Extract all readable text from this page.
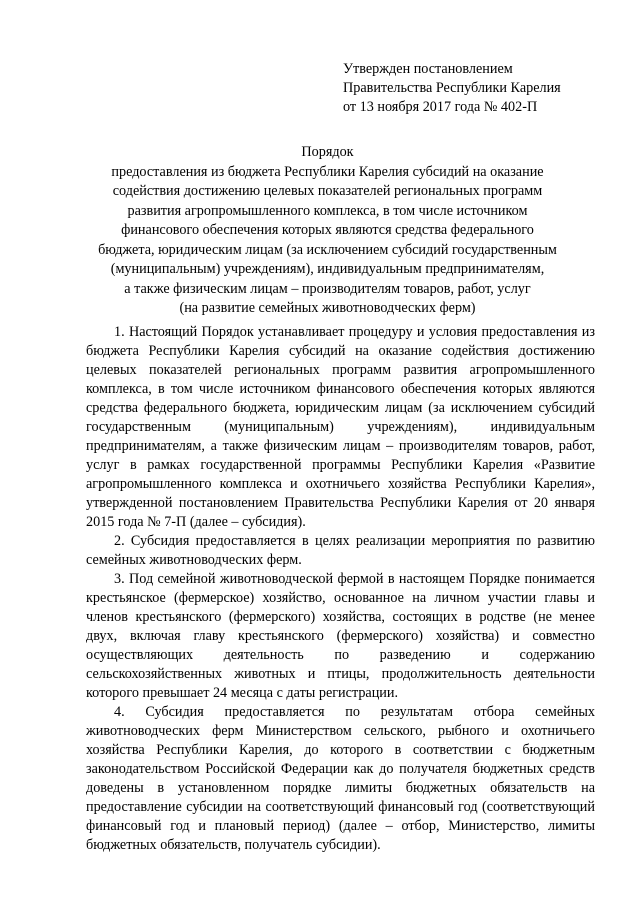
Утвержден постановлением
Правительства Республики Карелия
от 13 ноября 2017 года № 402-П
Порядок
предоставления из бюджета Республики Карелия субсидий на оказание
содействия достижению целевых показателей региональных программ
развития агропромышленного комплекса, в том числе источником
финансового обеспечения которых являются средства федерального
бюджета, юридическим лицам (за исключением субсидий государственным
(муниципальным) учреждениям), индивидуальным предпринимателям,
а также физическим лицам – производителям товаров, работ, услуг
(на развитие семейных животноводческих ферм)

1. Настоящий Порядок устанавливает процедуру и условия предоставления из бюджета Республики Карелия субсидий на оказание содействия достижению целевых показателей региональных программ развития агропромышленного комплекса, в том числе источником финансового обеспечения которых являются средства федерального бюджета, юридическим лицам (за исключением субсидий государственным (муниципальным) учреждениям), индивидуальным предпринимателям, а также физическим лицам – производителям товаров, работ, услуг в рамках государственной программы Республики Карелия «Развитие агропромышленного комплекса и охотничьего хозяйства Республики Карелия», утвержденной постановлением Правительства Республики Карелия от 20 января 2015 года № 7-П (далее – субсидия).

2. Субсидия предоставляется в целях реализации мероприятия по развитию семейных животноводческих ферм.

3. Под семейной животноводческой фермой в настоящем Порядке понимается крестьянское (фермерское) хозяйство, основанное на личном участии главы и членов крестьянского (фермерского) хозяйства, состоящих в родстве (не менее двух, включая главу крестьянского (фермерского) хозяйства) и совместно осуществляющих деятельность по разведению и содержанию сельскохозяйственных животных и птицы, продолжительность деятельности которого превышает 24 месяца с даты регистрации.

4. Субсидия предоставляется по результатам отбора семейных животноводческих ферм Министерством сельского, рыбного и охотничьего хозяйства Республики Карелия, до которого в соответствии с бюджетным законодательством Российской Федерации как до получателя бюджетных средств доведены в установленном порядке лимиты бюджетных обязательств на предоставление субсидии на соответствующий финансовый год (соответствующий финансовый год и плановый период) (далее – отбор, Министерство, лимиты бюджетных обязательств, получатель субсидии).
